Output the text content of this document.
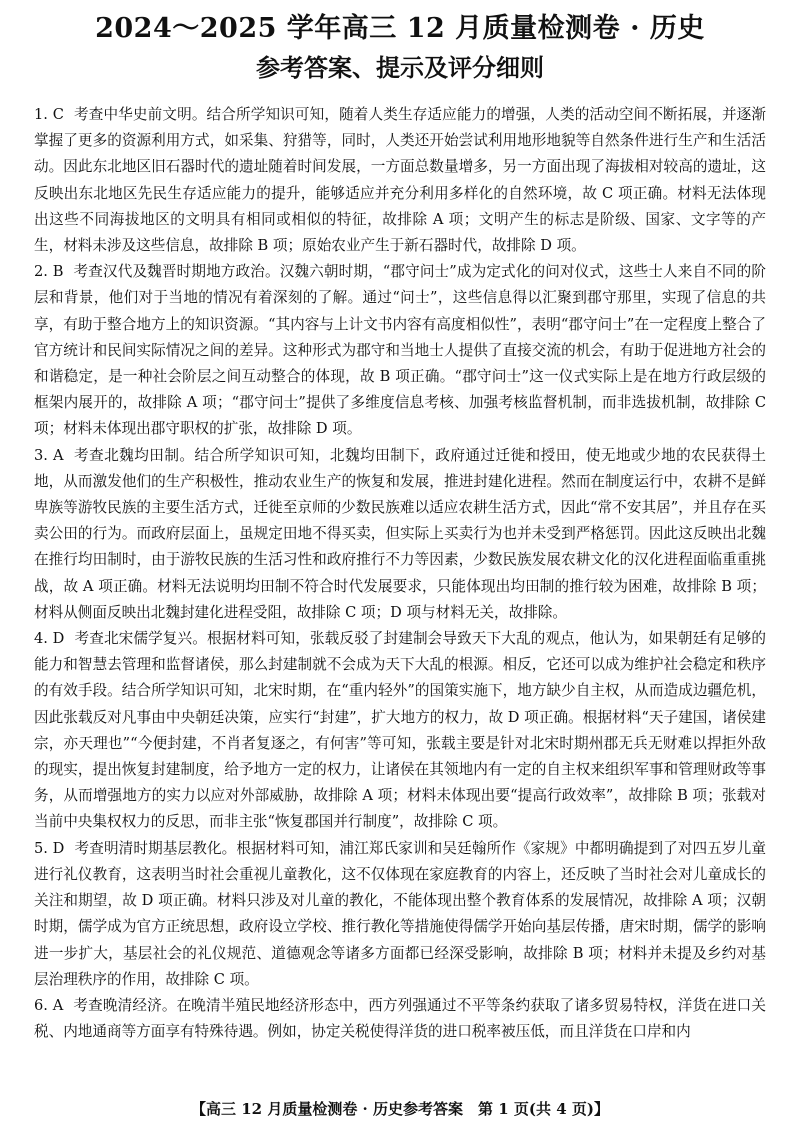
2024～2025 学年高三 12 月质量检测卷 · 历史
参考答案、提示及评分细则

1. C 考查中华史前文明。结合所学知识可知，随着人类生存适应能力的增强，人类的活动空间不断拓展，并逐渐掌握了更多的资源利用方式，如采集、狩猎等，同时，人类还开始尝试利用地形地貌等自然条件进行生产和生活活动。因此东北地区旧石器时代的遗址随着时间发展，一方面总数量增多，另一方面出现了海拔相对较高的遗址，这反映出东北地区先民生存适应能力的提升，能够适应并充分利用多样化的自然环境，故 C 项正确。材料无法体现出这些不同海拔地区的文明具有相同或相似的特征，故排除 A 项；文明产生的标志是阶级、国家、文字等的产生，材料未涉及这些信息，故排除 B 项；原始农业产生于新石器时代，故排除 D 项。

2. B 考查汉代及魏晋时期地方政治。汉魏六朝时期，“郡守问士”成为定式化的问对仪式，这些士人来自不同的阶层和背景，他们对于当地的情况有着深刻的了解。通过“问士”，这些信息得以汇聚到郡守那里，实现了信息的共享，有助于整合地方上的知识资源。“其内容与上计文书内容有高度相似性”，表明“郡守问士”在一定程度上整合了官方统计和民间实际情况之间的差异。这种形式为郡守和当地士人提供了直接交流的机会，有助于促进地方社会的和谐稳定，是一种社会阶层之间互动整合的体现，故 B 项正确。“郡守问士”这一仪式实际上是在地方行政层级的框架内展开的，故排除 A 项；“郡守问士”提供了多维度信息考核、加强考核监督机制，而非选拔机制，故排除 C 项；材料未体现出郡守职权的扩张，故排除 D 项。

3. A 考查北魏均田制。结合所学知识可知，北魏均田制下，政府通过迁徙和授田，使无地或少地的农民获得土地，从而激发他们的生产积极性，推动农业生产的恢复和发展，推进封建化进程。然而在制度运行中，农耕不是鲜卑族等游牧民族的主要生活方式，迁徙至京师的少数民族难以适应农耕生活方式，因此“常不安其居”，并且存在买卖公田的行为。而政府层面上，虽规定田地不得买卖，但实际上买卖行为也并未受到严格惩罚。因此这反映出北魏在推行均田制时，由于游牧民族的生活习性和政府推行不力等因素，少数民族发展农耕文化的汉化进程面临重重挑战，故 A 项正确。材料无法说明均田制不符合时代发展要求，只能体现出均田制的推行较为困难，故排除 B 项；材料从侧面反映出北魏封建化进程受阻，故排除 C 项；D 项与材料无关，故排除。

4. D 考查北宋儒学复兴。根据材料可知，张载反驳了封建制会导致天下大乱的观点，他认为，如果朝廷有足够的能力和智慧去管理和监督诸侯，那么封建制就不会成为天下大乱的根源。相反，它还可以成为维护社会稳定和秩序的有效手段。结合所学知识可知，北宋时期，在“重内轻外”的国策实施下，地方缺少自主权，从而造成边疆危机，因此张载反对凡事由中央朝廷决策，应实行“封建”，扩大地方的权力，故 D 项正确。根据材料“天子建国，诸侯建宗，亦天理也”“今便封建，不肖者复逐之，有何害”等可知，张载主要是针对北宋时期州郡无兵无财难以捍拒外敌的现实，提出恢复封建制度，给予地方一定的权力，让诸侯在其领地内有一定的自主权来组织军事和管理财政等事务，从而增强地方的实力以应对外部威胁，故排除 A 项；材料未体现出要“提高行政效率”，故排除 B 项；张载对当前中央集权权力的反思，而非主张“恢复郡国并行制度”，故排除 C 项。

5. D 考查明清时期基层教化。根据材料可知，浦江郑氏家训和吴廷翰所作《家规》中都明确提到了对四五岁儿童进行礼仪教育，这表明当时社会重视儿童教化，这不仅体现在家庭教育的内容上，还反映了当时社会对儿童成长的关注和期望，故 D 项正确。材料只涉及对儿童的教化，不能体现出整个教育体系的发展情况，故排除 A 项；汉朝时期，儒学成为官方正统思想，政府设立学校、推行教化等措施使得儒学开始向基层传播，唐宋时期，儒学的影响进一步扩大，基层社会的礼仪规范、道德观念等诸多方面都已经深受影响，故排除 B 项；材料并未提及乡约对基层治理秩序的作用，故排除 C 项。

6. A 考查晚清经济。在晚清半殖民地经济形态中，西方列强通过不平等条约获取了诸多贸易特权，洋货在进口关税、内地通商等方面享有特殊待遇。例如，协定关税使得洋货的进口税率被压低，而且洋货在口岸和内

【高三 12 月质量检测卷 · 历史参考答案　第 1 页(共 4 页)】
